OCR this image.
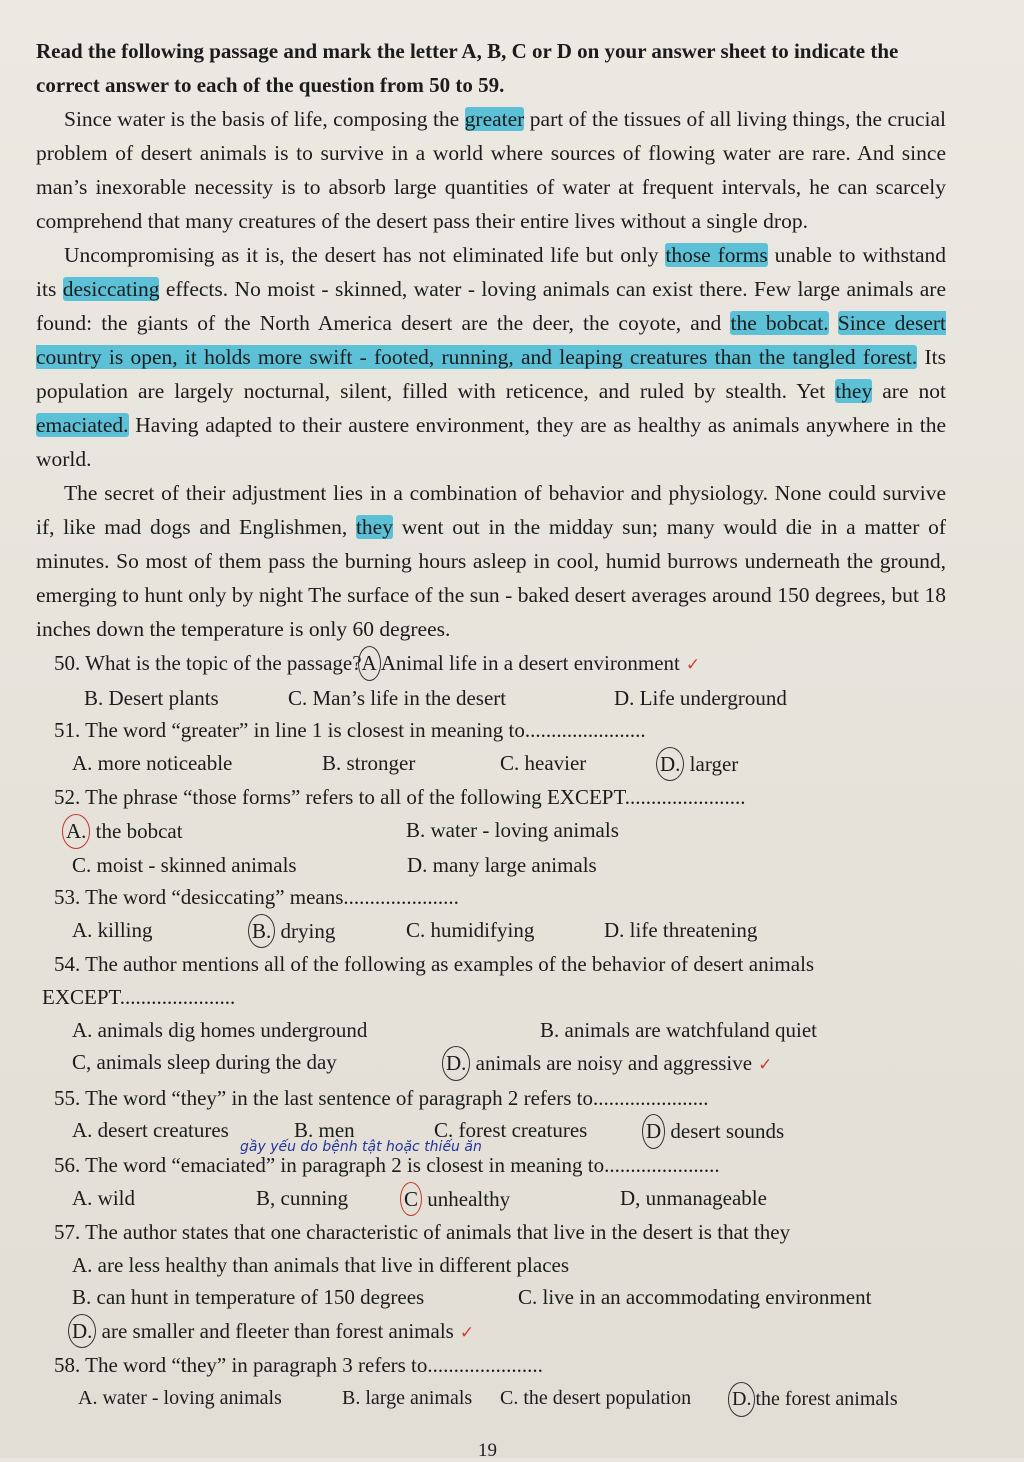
Read the following passage and mark the letter A, B, C or D on your answer sheet to indicate the correct answer to each of the question from 50 to 59.

Since water is the basis of life, composing the greater part of the tissues of all living things, the crucial problem of desert animals is to survive in a world where sources of flowing water are rare. And since man’s inexorable necessity is to absorb large quantities of water at frequent intervals, he can scarcely comprehend that many creatures of the desert pass their entire lives without a single drop.

Uncompromising as it is, the desert has not eliminated life but only those forms unable to withstand its desiccating effects. No moist - skinned, water - loving animals can exist there. Few large animals are found: the giants of the North America desert are the deer, the coyote, and the bobcat. Since desert country is open, it holds more swift - footed, running, and leaping creatures than the tangled forest. Its population are largely nocturnal, silent, filled with reticence, and ruled by stealth. Yet they are not emaciated. Having adapted to their austere environment, they are as healthy as animals anywhere in the world.

The secret of their adjustment lies in a combination of behavior and physiology. None could survive if, like mad dogs and Englishmen, they went out in the midday sun; many would die in a matter of minutes. So most of them pass the burning hours asleep in cool, humid burrows underneath the ground, emerging to hunt only by night The surface of the sun - baked desert averages around 150 degrees, but 18 inches down the temperature is only 60 degrees.

50. What is the topic of the passage?A Animal life in a desert environment ✓
B. Desert plants	C. Man’s life in the desert	D. Life underground
51. The word “greater” in line 1 is closest in meaning to.......................
A. more noticeable	B. stronger	C. heavier	D. larger
52. The phrase “those forms” refers to all of the following EXCEPT.......................
A. the bobcat	B. water - loving animals
C. moist - skinned animals	D. many large animals
53. The word “desiccating” means......................
A. killing	B. drying	C. humidifying	D. life threatening
54. The author mentions all of the following as examples of the behavior of desert animals
EXCEPT......................
A. animals dig homes underground	B. animals are watchfuland quiet
C, animals sleep during the day	D. animals are noisy and aggressive ✓
55. The word “they” in the last sentence of paragraph 2 refers to......................
A. desert creatures	B. men	C. forest creatures	D desert sounds
gầy yếu do bệnh tật hoặc thiếu ăn
56. The word “emaciated” in paragraph 2 is closest in meaning to......................
A. wild	B, cunning	C unhealthy	D, unmanageable
57. The author states that one characteristic of animals that live in the desert is that they
A. are less healthy than animals that live in different places
B. can hunt in temperature of 150 degrees	C. live in an accommodating environment
D. are smaller and fleeter than forest animals ✓
58. The word “they” in paragraph 3 refers to......................
A. water - loving animals	B. large animals	C. the desert population	D. the forest animals
19
